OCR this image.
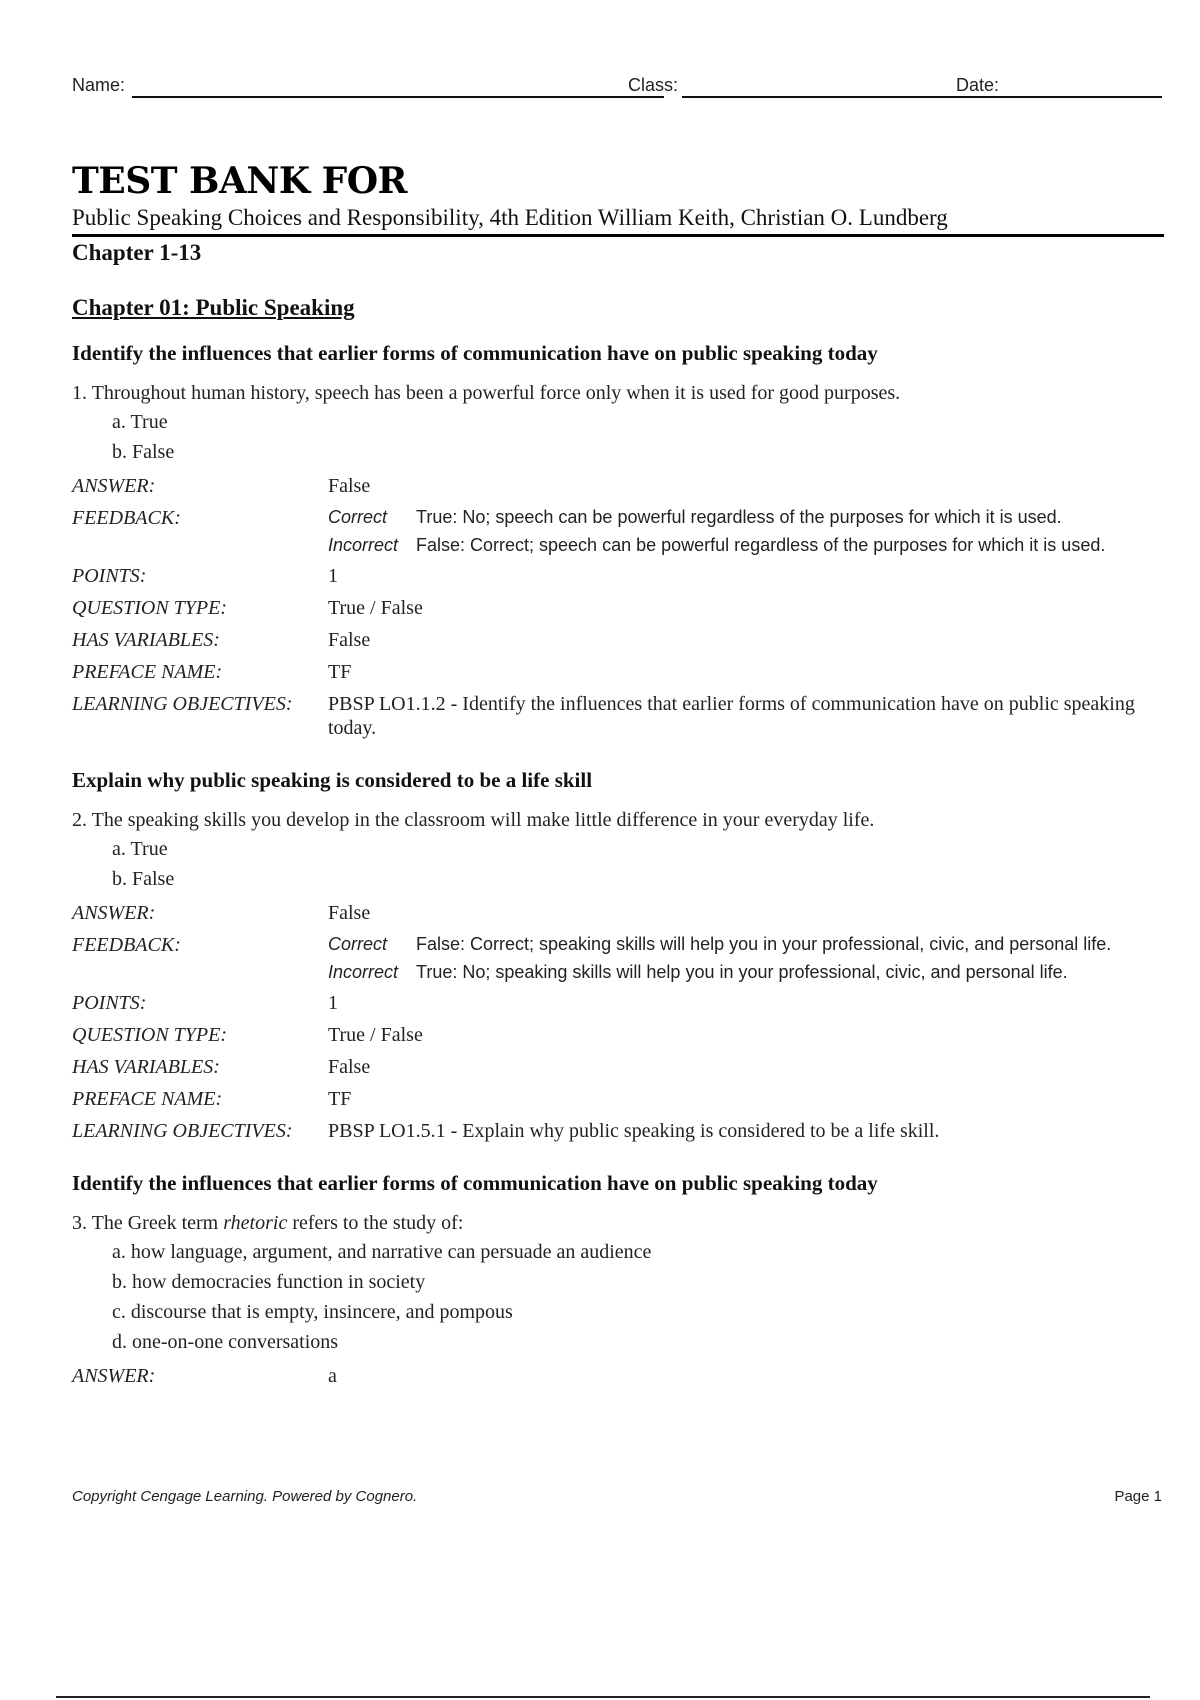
Name:	Class:	Date:
TEST BANK FOR
Public Speaking Choices and Responsibility, 4th Edition William Keith, Christian O. Lundberg
Chapter 1-13
Chapter 01: Public Speaking
Identify the influences that earlier forms of communication have on public speaking today
1. Throughout human history, speech has been a powerful force only when it is used for good purposes.
a. True
b. False
ANSWER:	False
FEEDBACK:	Correct	True: No; speech can be powerful regardless of the purposes for which it is used.
Incorrect False: Correct; speech can be powerful regardless of the purposes for which it is used.
POINTS:	1
QUESTION TYPE:	True / False
HAS VARIABLES:	False
PREFACE NAME:	TF
LEARNING OBJECTIVES:	PBSP LO1.1.2 - Identify the influences that earlier forms of communication have on public speaking today.
Explain why public speaking is considered to be a life skill
2. The speaking skills you develop in the classroom will make little difference in your everyday life.
a. True
b. False
ANSWER:	False
FEEDBACK:	Correct	False: Correct; speaking skills will help you in your professional, civic, and personal life.
Incorrect True: No; speaking skills will help you in your professional, civic, and personal life.
POINTS:	1
QUESTION TYPE:	True / False
HAS VARIABLES:	False
PREFACE NAME:	TF
LEARNING OBJECTIVES:	PBSP LO1.5.1 - Explain why public speaking is considered to be a life skill.
Identify the influences that earlier forms of communication have on public speaking today
3. The Greek term rhetoric refers to the study of:
a. how language, argument, and narrative can persuade an audience
b. how democracies function in society
c. discourse that is empty, insincere, and pompous
d. one-on-one conversations
ANSWER:	a
Copyright Cengage Learning. Powered by Cognero.	Page 1
